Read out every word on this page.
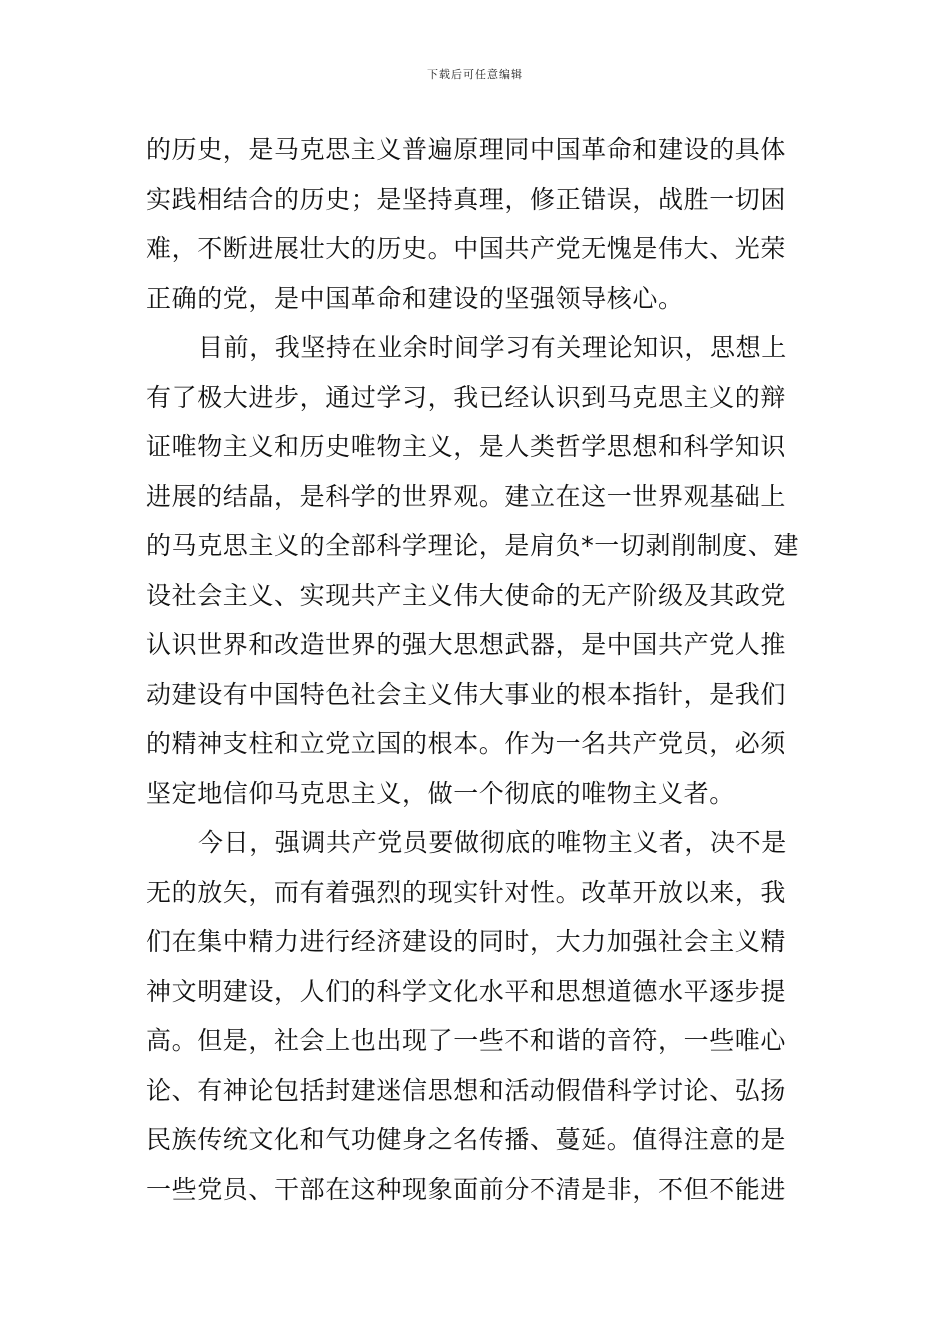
下载后可任意编辑
的历史，是马克思主义普遍原理同中国革命和建设的具体
实践相结合的历史；是坚持真理，修正错误，战胜一切困
难，不断进展壮大的历史。中国共产党无愧是伟大、光荣
正确的党，是中国革命和建设的坚强领导核心。
目前，我坚持在业余时间学习有关理论知识，思想上
有了极大进步，通过学习，我已经认识到马克思主义的辩
证唯物主义和历史唯物主义，是人类哲学思想和科学知识
进展的结晶，是科学的世界观。建立在这一世界观基础上
的马克思主义的全部科学理论，是肩负*一切剥削制度、建
设社会主义、实现共产主义伟大使命的无产阶级及其政党
认识世界和改造世界的强大思想武器，是中国共产党人推
动建设有中国特色社会主义伟大事业的根本指针，是我们
的精神支柱和立党立国的根本。作为一名共产党员，必须
坚定地信仰马克思主义，做一个彻底的唯物主义者。
今日，强调共产党员要做彻底的唯物主义者，决不是
无的放矢，而有着强烈的现实针对性。改革开放以来，我
们在集中精力进行经济建设的同时，大力加强社会主义精
神文明建设，人们的科学文化水平和思想道德水平逐步提
高。但是，社会上也出现了一些不和谐的音符，一些唯心
论、有神论包括封建迷信思想和活动假借科学讨论、弘扬
民族传统文化和气功健身之名传播、蔓延。值得注意的是
一些党员、干部在这种现象面前分不清是非，不但不能进
